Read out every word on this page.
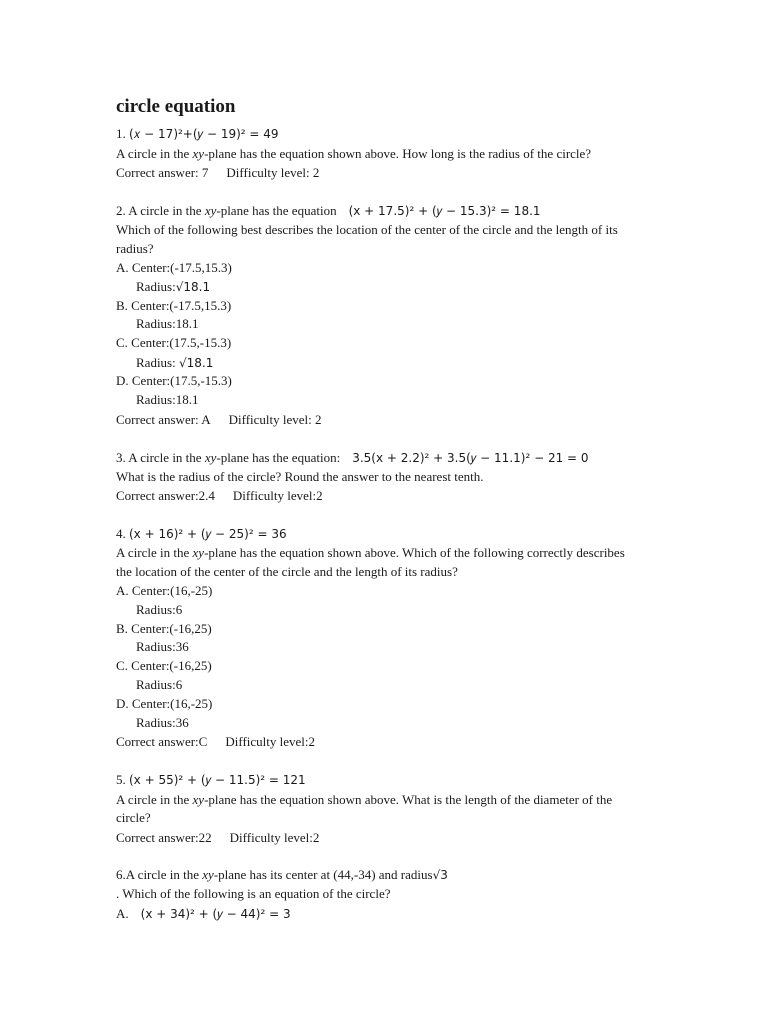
circle equation
1. (𝑥 − 17)²+(𝑦 − 19)² = 49
A circle in the xy-plane has the equation shown above. How long is the radius of the circle?
Correct answer: 7 Difficulty level: 2
2. A circle in the xy-plane has the equation (x + 17.5)² + (𝑦 − 15.3)² = 18.1
Which of the following best describes the location of the center of the circle and the length of its
radius?
A. Center:(-17.5,15.3)
Radius:√18.1
B. Center:(-17.5,15.3)
Radius:18.1
C. Center:(17.5,-15.3)
Radius: √18.1
D. Center:(17.5,-15.3)
Radius:18.1
Correct answer: A Difficulty level: 2
3. A circle in the xy-plane has the equation: 3.5(x + 2.2)² + 3.5(𝑦 − 11.1)² − 21 = 0
What is the radius of the circle? Round the answer to the nearest tenth.
Correct answer:2.4 Difficulty level:2
4. (x + 16)² + (𝑦 − 25)² = 36
A circle in the xy-plane has the equation shown above. Which of the following correctly describes
the location of the center of the circle and the length of its radius?
A. Center:(16,-25)
Radius:6
B. Center:(-16,25)
Radius:36
C. Center:(-16,25)
Radius:6
D. Center:(16,-25)
Radius:36
Correct answer:C Difficulty level:2
5. (x + 55)² + (𝑦 − 11.5)² = 121
A circle in the xy-plane has the equation shown above. What is the length of the diameter of the
circle?
Correct answer:22 Difficulty level:2
6.A circle in the xy-plane has its center at (44,-34) and radius√3
. Which of the following is an equation of the circle?
A. (x + 34)² + (𝑦 − 44)² = 3
